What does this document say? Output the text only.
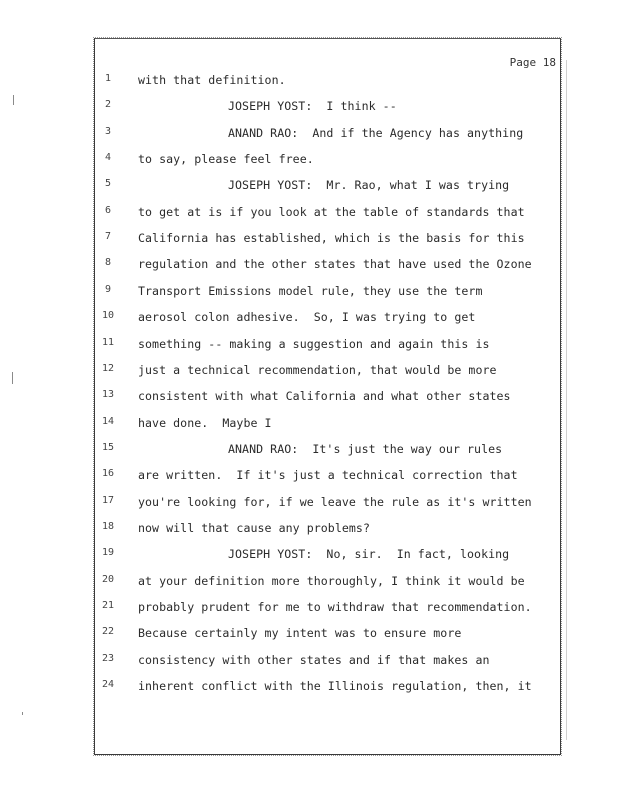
Page 18
1	with that definition.
2	JOSEPH YOST:  I think --
3	ANAND RAO:  And if the Agency has anything
4	to say, please feel free.
5	JOSEPH YOST:  Mr. Rao, what I was trying
6	to get at is if you look at the table of standards that
7	California has established, which is the basis for this
8	regulation and the other states that have used the Ozone
9	Transport Emissions model rule, they use the term
10	aerosol colon adhesive.  So, I was trying to get
11	something -- making a suggestion and again this is
12	just a technical recommendation, that would be more
13	consistent with what California and what other states
14	have done.  Maybe I
15	ANAND RAO:  It's just the way our rules
16	are written.  If it's just a technical correction that
17	you're looking for, if we leave the rule as it's written
18	now will that cause any problems?
19	JOSEPH YOST:  No, sir.  In fact, looking
20	at your definition more thoroughly, I think it would be
21	probably prudent for me to withdraw that recommendation.
22	Because certainly my intent was to ensure more
23	consistency with other states and if that makes an
24	inherent conflict with the Illinois regulation, then, it
